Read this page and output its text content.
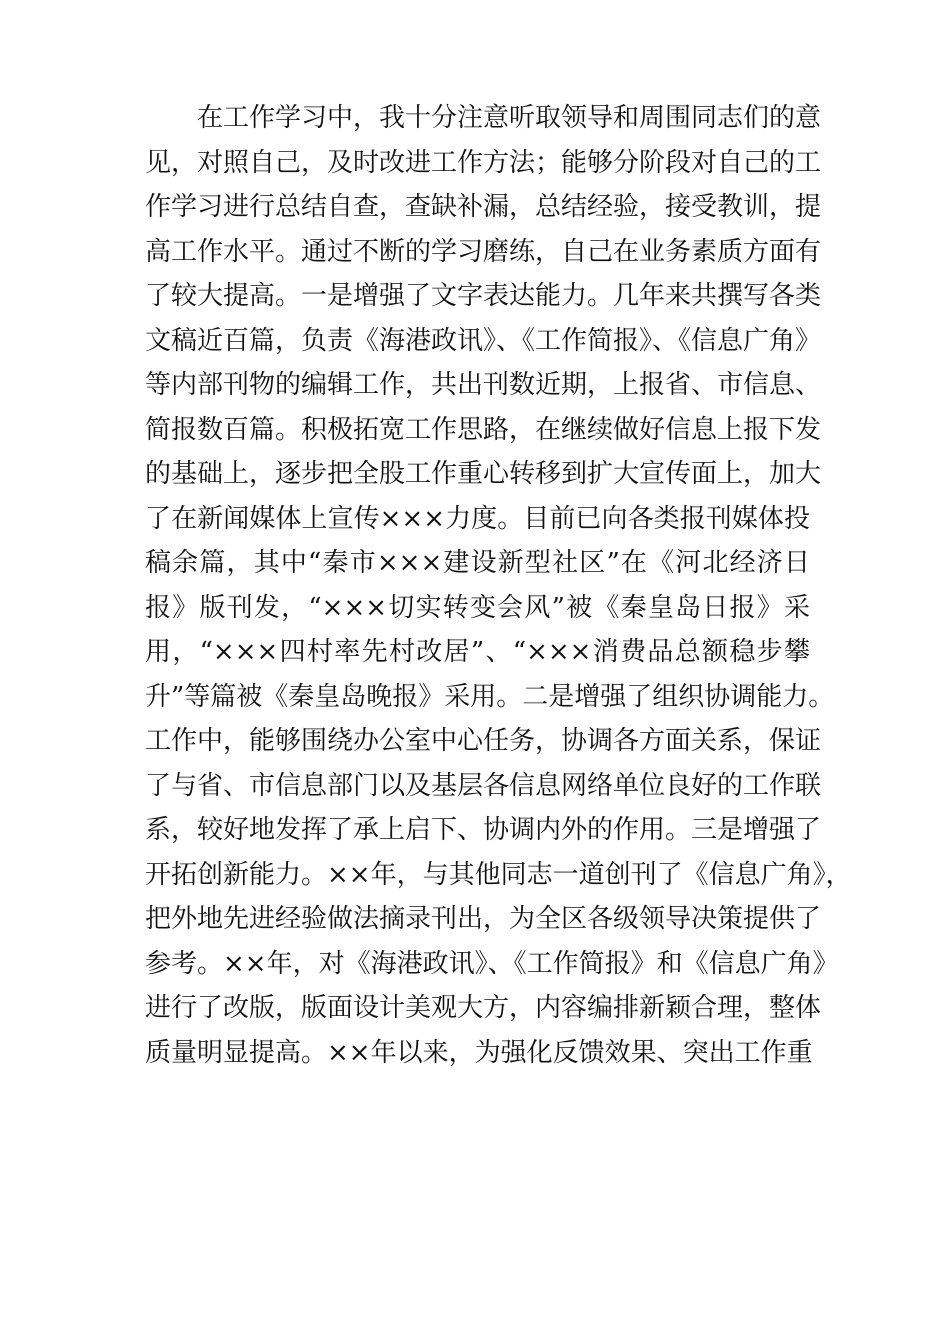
在工作学习中，我十分注意听取领导和周围同志们的意
见，对照自己，及时改进工作方法；能够分阶段对自己的工
作学习进行总结自查，查缺补漏，总结经验，接受教训，提
高工作水平。通过不断的学习磨练，自己在业务素质方面有
了较大提高。一是增强了文字表达能力。几年来共撰写各类
文稿近百篇，负责《海港政讯》、《工作简报》、《信息广角》
等内部刊物的编辑工作，共出刊数近期，上报省、市信息、
简报数百篇。积极拓宽工作思路，在继续做好信息上报下发
的基础上，逐步把全股工作重心转移到扩大宣传面上，加大
了在新闻媒体上宣传×××力度。目前已向各类报刊媒体投
稿余篇，其中“秦市×××建设新型社区”在《河北经济日
报》版刊发，“×××切实转变会风”被《秦皇岛日报》采
用，“×××四村率先村改居”、“×××消费品总额稳步攀
升”等篇被《秦皇岛晚报》采用。二是增强了组织协调能力。
工作中，能够围绕办公室中心任务，协调各方面关系，保证
了与省、市信息部门以及基层各信息网络单位良好的工作联
系，较好地发挥了承上启下、协调内外的作用。三是增强了
开拓创新能力。××年，与其他同志一道创刊了《信息广角》，
把外地先进经验做法摘录刊出，为全区各级领导决策提供了
参考。××年，对《海港政讯》、《工作简报》和《信息广角》
进行了改版，版面设计美观大方，内容编排新颖合理，整体
质量明显提高。××年以来，为强化反馈效果、突出工作重
